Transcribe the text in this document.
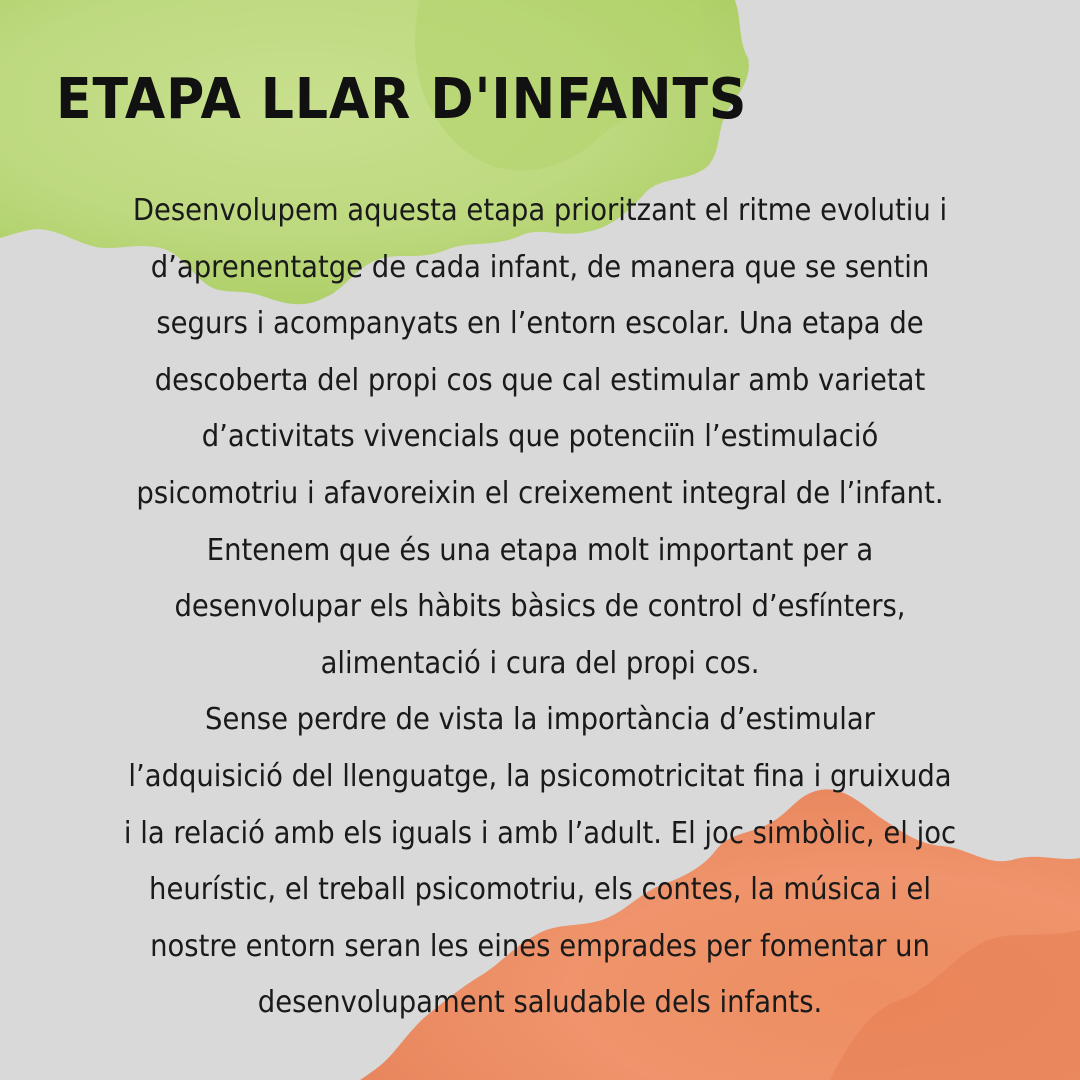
ETAPA LLAR D'INFANTS
Desenvolupem aquesta etapa prioritzant el ritme evolutiu i
d’aprenentatge de cada infant, de manera que se sentin
segurs i acompanyats en l’entorn escolar. Una etapa de
descoberta del propi cos que cal estimular amb varietat
d’activitats vivencials que potenciïn l’estimulació
psicomotriu i afavoreixin el creixement integral de l’infant.
Entenem que és una etapa molt important per a
desenvolupar els hàbits bàsics de control d’esfínters,
alimentació i cura del propi cos.
Sense perdre de vista la importància d’estimular
l’adquisició del llenguatge, la psicomotricitat fina i gruixuda
i la relació amb els iguals i amb l’adult. El joc simbòlic, el joc
heurístic, el treball psicomotriu, els contes, la música i el
nostre entorn seran les eines emprades per fomentar un
desenvolupament saludable dels infants.
